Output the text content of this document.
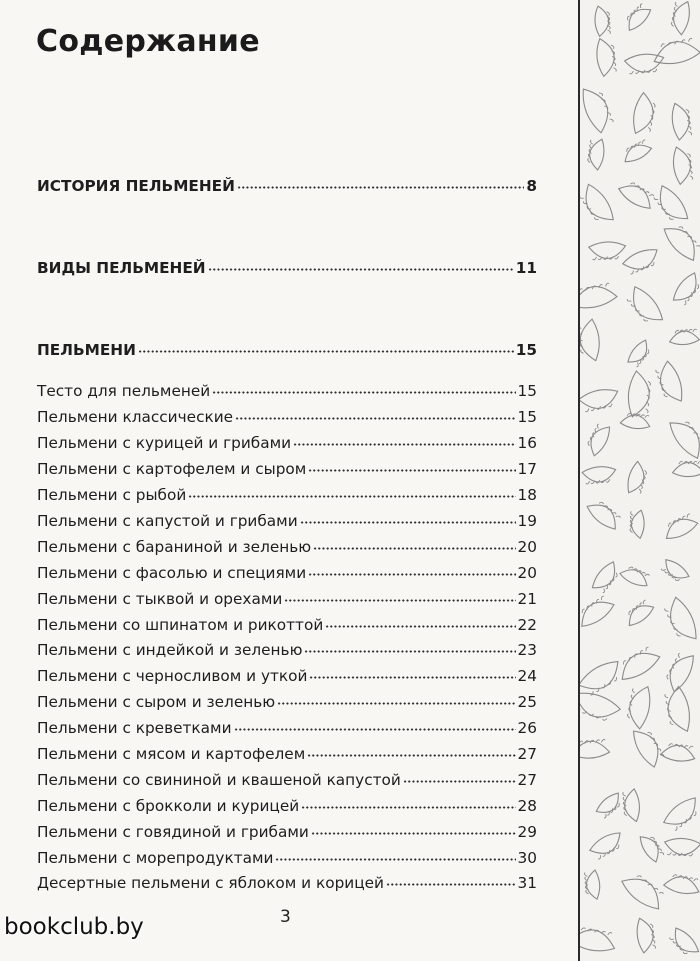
Содержание
ИСТОРИЯ ПЕЛЬМЕНЕЙ	8
ВИДЫ ПЕЛЬМЕНЕЙ	11
ПЕЛЬМЕНИ	15
Тесто для пельменей	15
Пельмени классические	15
Пельмени с курицей и грибами	16
Пельмени с картофелем и сыром	17
Пельмени с рыбой	18
Пельмени с капустой и грибами	19
Пельмени с бараниной и зеленью	20
Пельмени с фасолью и специями	20
Пельмени с тыквой и орехами	21
Пельмени со шпинатом и рикоттой	22
Пельмени с индейкой и зеленью	23
Пельмени с черносливом и уткой	24
Пельмени с сыром и зеленью	25
Пельмени с креветками	26
Пельмени с мясом и картофелем	27
Пельмени со свининой и квашеной капустой	27
Пельмени с брокколи и курицей	28
Пельмени с говядиной и грибами	29
Пельмени с морепродуктами	30
Десертные пельмени с яблоком и корицей	31
3
bookclub.by
